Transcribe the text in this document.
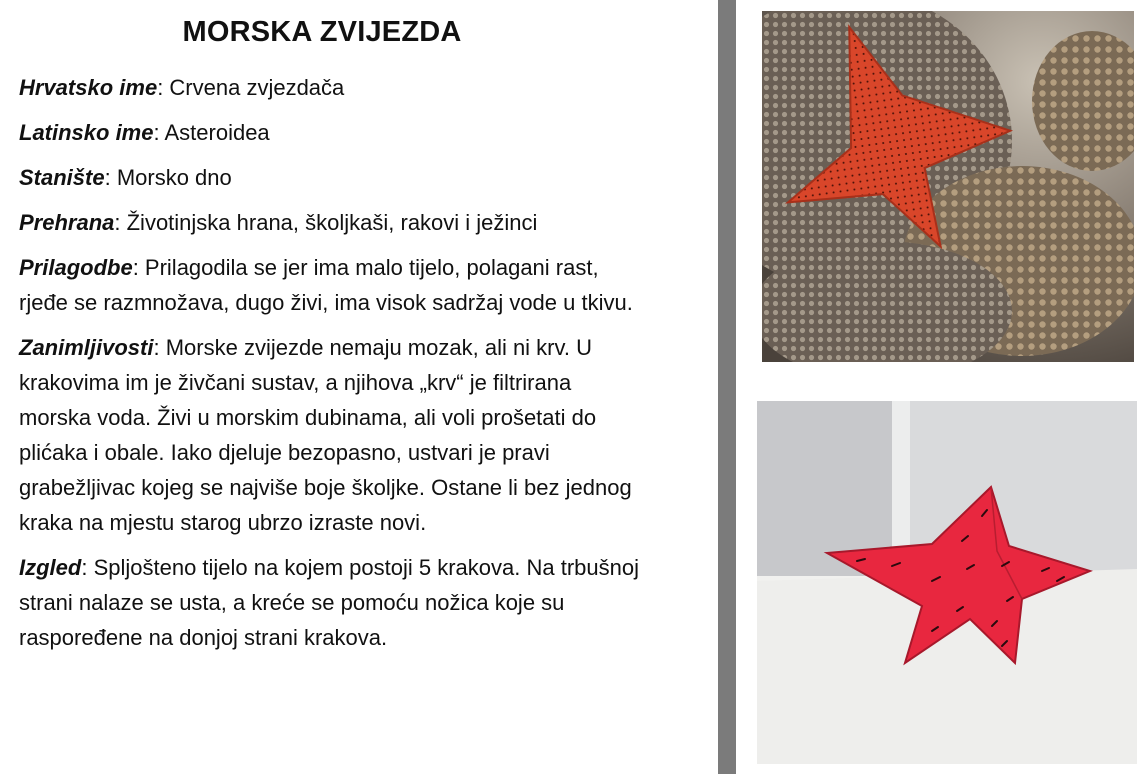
MORSKA ZVIJEZDA

Hrvatsko ime: Crvena zvjezdača

Latinsko ime: Asteroidea

Stanište: Morsko dno

Prehrana: Životinjska hrana, školjkaši, rakovi i ježinci

Prilagodbe: Prilagodila se jer ima malo tijelo, polagani rast, rjeđe se razmnožava, dugo živi, ima visok sadržaj vode u tkivu.

Zanimljivosti: Morske zvijezde nemaju mozak, ali ni krv. U krakovima im je živčani sustav, a njihova „krv“ je filtrirana morska voda. Živi u morskim dubinama, ali voli prošetati do plićaka i obale. Iako djeluje bezopasno, ustvari je pravi grabežljivac kojeg se najviše boje školjke. Ostane li bez jednog kraka na mjestu starog ubrzo izraste novi.

Izgled: Spljošteno tijelo na kojem postoji 5 krakova. Na trbušnoj strani nalaze se usta, a kreće se pomoću nožica koje su raspoređene na donjoj strani krakova.
